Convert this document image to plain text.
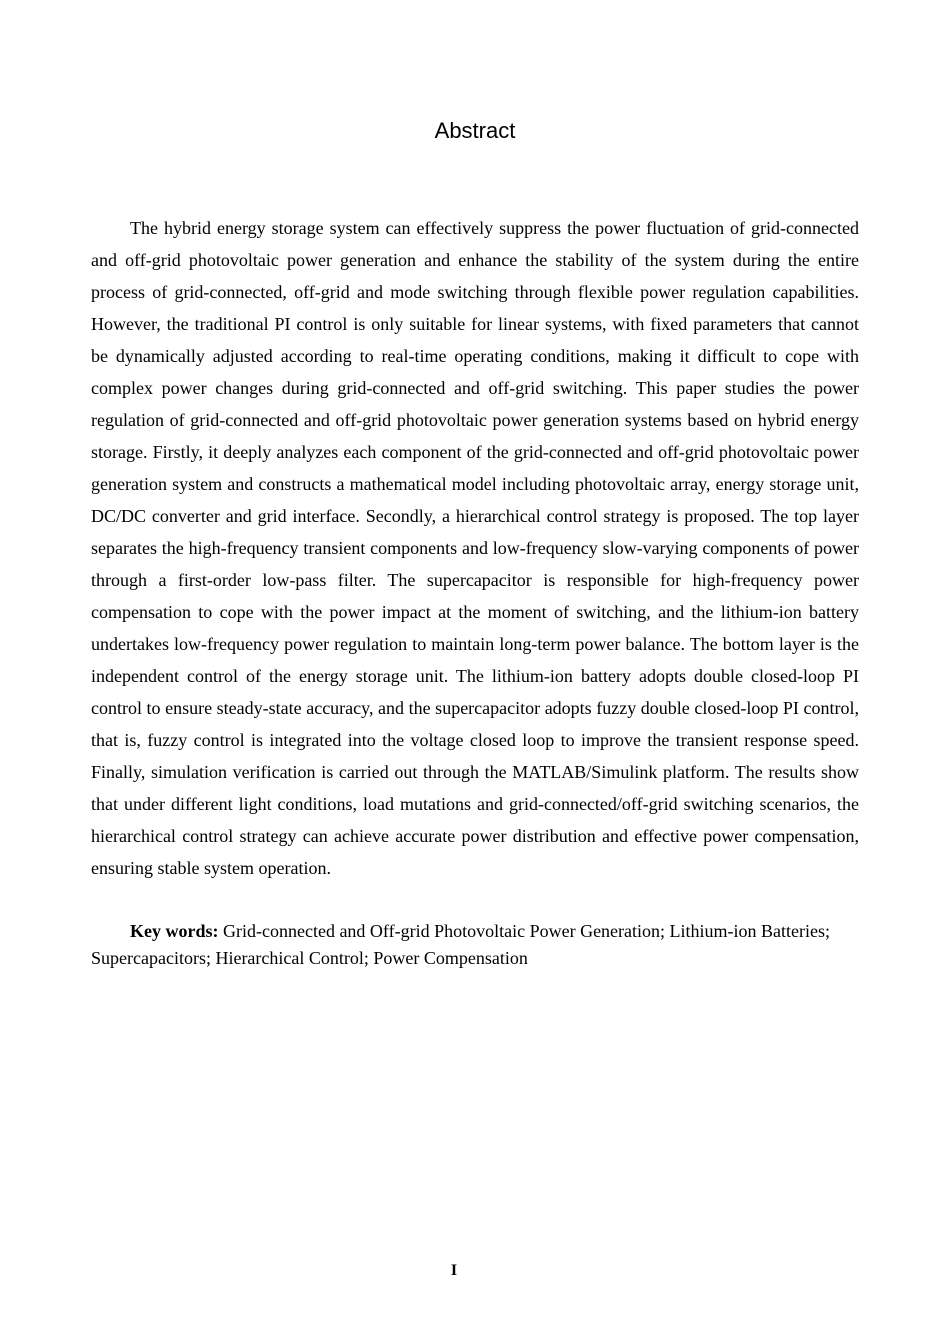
Abstract

The hybrid energy storage system can effectively suppress the power fluctuation of grid-connected and off-grid photovoltaic power generation and enhance the stability of the system during the entire process of grid-connected, off-grid and mode switching through flexible power regulation capabilities. However, the traditional PI control is only suitable for linear systems, with fixed parameters that cannot be dynamically adjusted according to real-time operating conditions, making it difficult to cope with complex power changes during grid-connected and off-grid switching. This paper studies the power regulation of grid-connected and off-grid photovoltaic power generation systems based on hybrid energy storage. Firstly, it deeply analyzes each component of the grid-connected and off-grid photovoltaic power generation system and constructs a mathematical model including photovoltaic array, energy storage unit, DC/DC converter and grid interface. Secondly, a hierarchical control strategy is proposed. The top layer separates the high-frequency transient components and low-frequency slow-varying components of power through a first-order low-pass filter. The supercapacitor is responsible for high-frequency power compensation to cope with the power impact at the moment of switching, and the lithium-ion battery undertakes low-frequency power regulation to maintain long-term power balance. The bottom layer is the independent control of the energy storage unit. The lithium-ion battery adopts double closed-loop PI control to ensure steady-state accuracy, and the supercapacitor adopts fuzzy double closed-loop PI control, that is, fuzzy control is integrated into the voltage closed loop to improve the transient response speed. Finally, simulation verification is carried out through the MATLAB/Simulink platform. The results show that under different light conditions, load mutations and grid-connected/off-grid switching scenarios, the hierarchical control strategy can achieve accurate power distribution and effective power compensation, ensuring stable system operation.

Key words: Grid-connected and Off-grid Photovoltaic Power Generation; Lithium-ion Batteries; Supercapacitors; Hierarchical Control; Power Compensation

I
